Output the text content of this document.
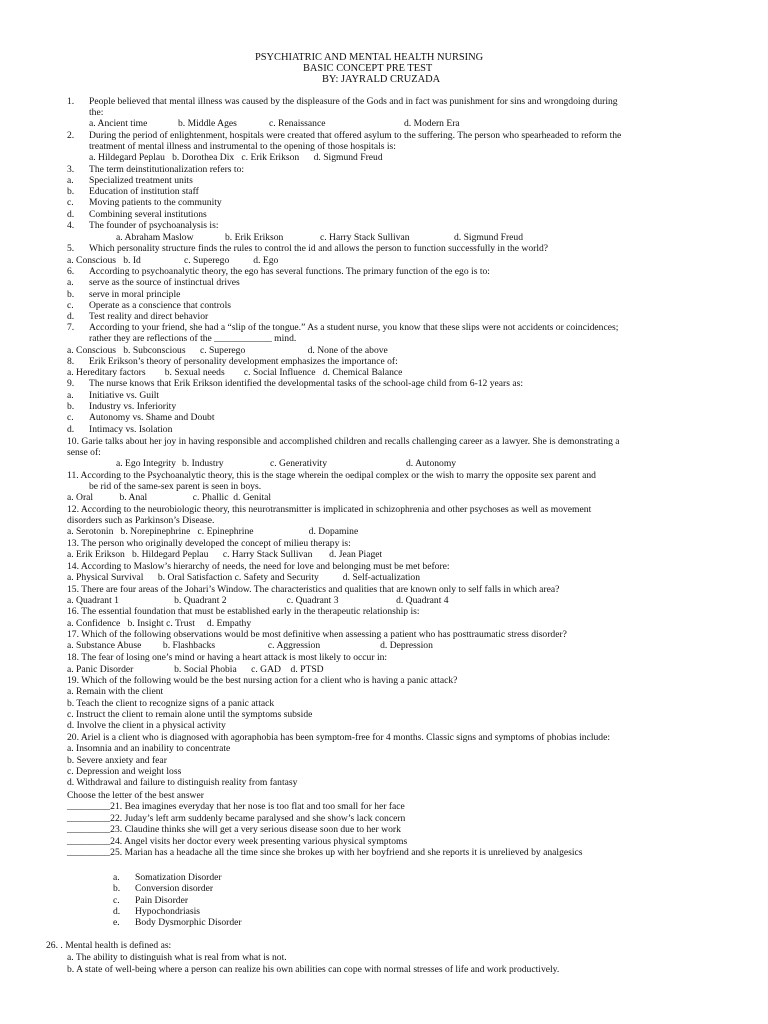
PSYCHIATRIC AND MENTAL HEALTH NURSING
BASIC CONCEPT PRE TEST
BY: JAYRALD CRUZADA
1. People believed that mental illness was caused by the displeasure of the Gods and in fact was punishment for sins and wrongdoing during
the:
a. Ancient time	b. Middle Ages	c. Renaissance	d. Modern Era
2. During the period of enlightenment, hospitals were created that offered asylum to the suffering. The person who spearheaded to reform the
treatment of mental illness and instrumental to the opening of those hospitals is:
a. Hildegard Peplau   b. Dorothea Dix   c. Erik Erikson      d. Sigmund Freud
3. The term deinstitutionalization refers to:
a. Specialized treatment units
b. Education of institution staff
c. Moving patients to the community
d. Combining several institutions
4. The founder of psychoanalysis is:
a. Abraham Maslow	b. Erik Erikson	c. Harry Stack Sullivan	d. Sigmund Freud
5. Which personality structure finds the rules to control the id and allows the person to function successfully in the world?
a. Conscious   b. Id                  c. Superego          d. Ego
6. According to psychoanalytic theory, the ego has several functions. The primary function of the ego is to:
a. serve as the source of instinctual drives
b. serve in moral principle
c. Operate as a conscience that controls
d. Test reality and direct behavior
7. According to your friend, she had a “slip of the tongue.” As a student nurse, you know that these slips were not accidents or coincidences;
rather they are reflections of the ____________ mind.
a. Conscious   b. Subconscious      c. Superego                          d. None of the above
8. Erik Erikson’s theory of personality development emphasizes the importance of:
a. Hereditary factors        b. Sexual needs        c. Social Influence   d. Chemical Balance
9. The nurse knows that Erik Erikson identified the developmental tasks of the school-age child from 6-12 years as:
a. Initiative vs. Guilt
b. Industry vs. Inferiority
c. Autonomy vs. Shame and Doubt
d. Intimacy vs. Isolation
10. Garie talks about her joy in having responsible and accomplished children and recalls challenging career as a lawyer. She is demonstrating a
sense of:
a. Ego Integrity b. Industry	c. Generativity	d. Autonomy
11. According to the Psychoanalytic theory, this is the stage wherein the oedipal complex or the wish to marry the opposite sex parent and
be rid of the same-sex parent is seen in boys.
a. Oral           b. Anal                   c. Phallic  d. Genital
12. According to the neurobiologic theory, this neurotransmitter is implicated in schizophrenia and other psychoses as well as movement
disorders such as Parkinson’s Disease.
a. Serotonin   b. Norepinephrine   c. Epinephrine                       d. Dopamine
13. The person who originally developed the concept of milieu therapy is:
a. Erik Erikson   b. Hildegard Peplau      c. Harry Stack Sullivan       d. Jean Piaget
14. According to Maslow’s hierarchy of needs, the need for love and belonging must be met before:
a. Physical Survival      b. Oral Satisfaction c. Safety and Security          d. Self-actualization
15. There are four areas of the Johari’s Window. The characteristics and qualities that are known only to self falls in which area?
a. Quadrant 1                       b. Quadrant 2                         c. Quadrant 3                        d. Quadrant 4
16. The essential foundation that must be established early in the therapeutic relationship is:
a. Confidence   b. Insight c. Trust     d. Empathy
17. Which of the following observations would be most definitive when assessing a patient who has posttraumatic stress disorder?
a. Substance Abuse         b. Flashbacks                      c. Aggression                         d. Depression
18. The fear of losing one’s mind or having a heart attack is most likely to occur in:
a. Panic Disorder                 b. Social Phobia      c. GAD    d. PTSD
19. Which of the following would be the best nursing action for a client who is having a panic attack?
a. Remain with the client
b. Teach the client to recognize signs of a panic attack
c. Instruct the client to remain alone until the symptoms subside
d. Involve the client in a physical activity
20. Ariel is a client who is diagnosed with agoraphobia has been symptom-free for 4 months. Classic signs and symptoms of phobias include:
a. Insomnia and an inability to concentrate
b. Severe anxiety and fear
c. Depression and weight loss
d. Withdrawal and failure to distinguish reality from fantasy
Choose the letter of the best answer
_________21. Bea imagines everyday that her nose is too flat and too small for her face
_________22. Juday’s left arm suddenly became paralysed and she show’s lack concern
_________23. Claudine thinks she will get a very serious disease soon due to her work
_________24. Angel visits her doctor every week presenting various physical symptoms
_________25. Marian has a headache all the time since she brokes up with her boyfriend and she reports it is unrelieved by analgesics
a. Somatization Disorder
b. Conversion disorder
c. Pain Disorder
d. Hypochondriasis
e. Body Dysmorphic Disorder
26. . Mental health is defined as:
a. The ability to distinguish what is real from what is not.
b. A state of well-being where a person can realize his own abilities can cope with normal stresses of life and work productively.
